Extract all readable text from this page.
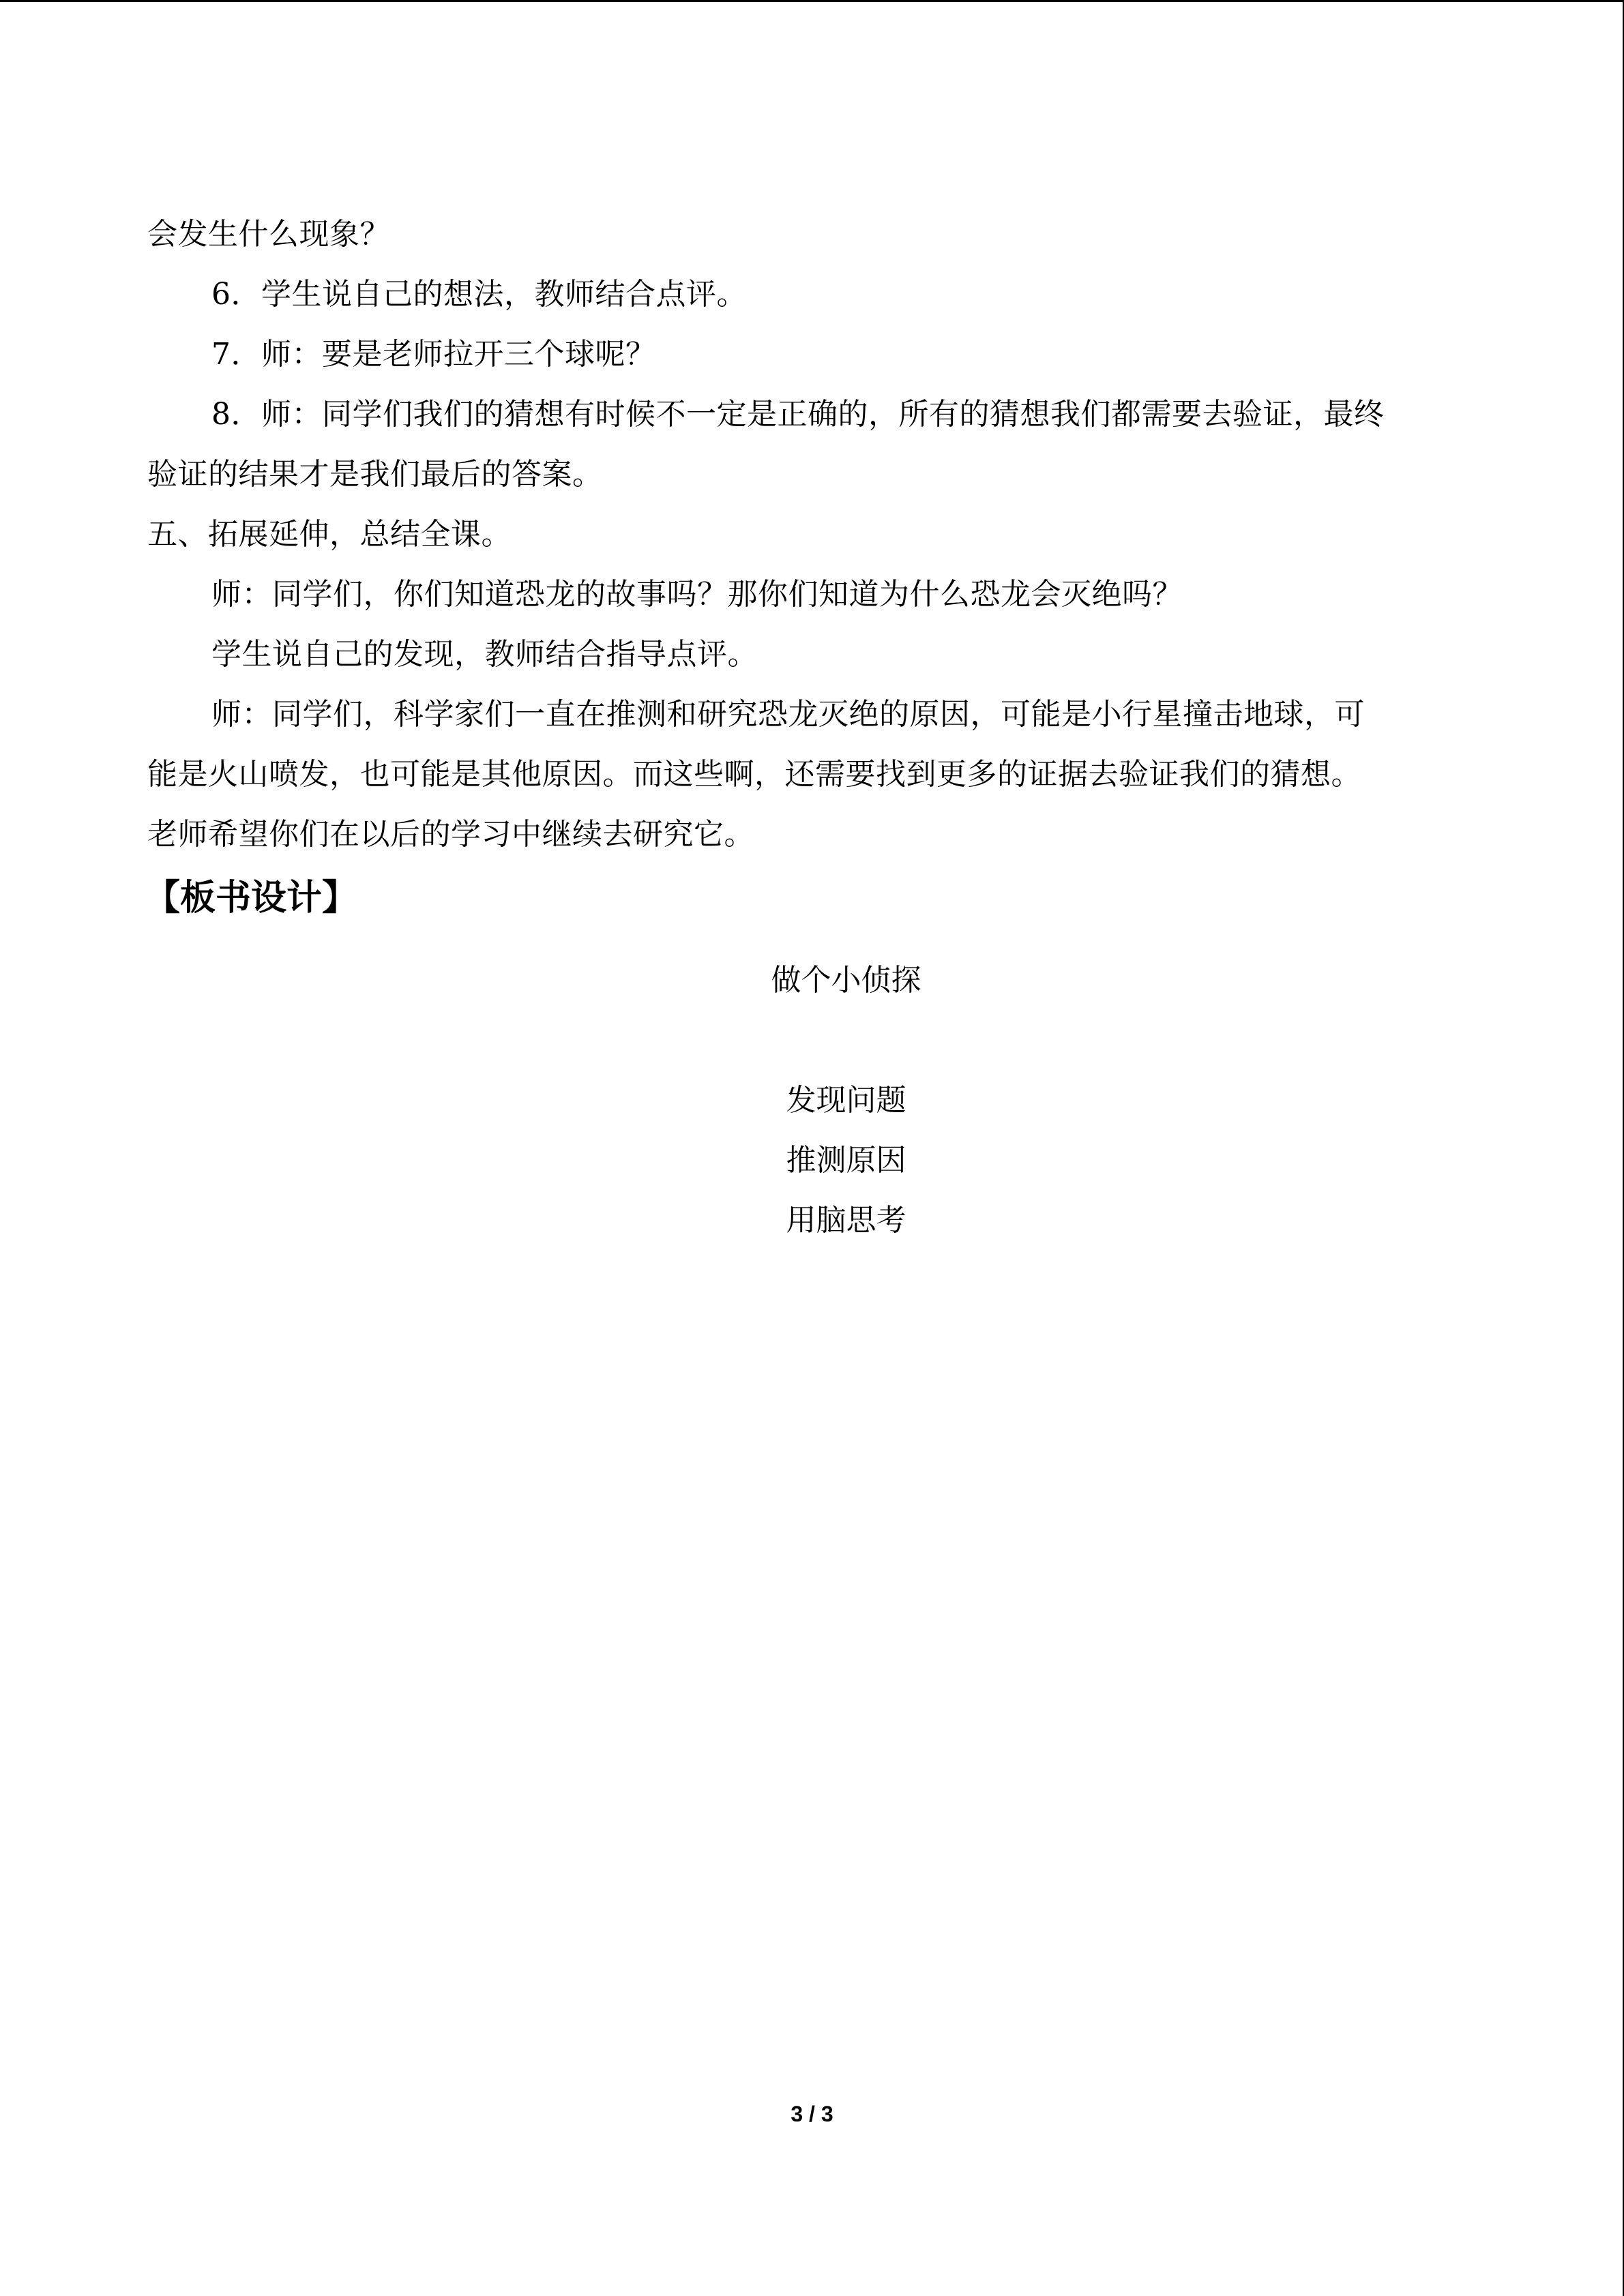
会发生什么现象？
6．学生说自己的想法，教师结合点评。
7．师：要是老师拉开三个球呢？
8．师：同学们我们的猜想有时候不一定是正确的，所有的猜想我们都需要去验证，最终
验证的结果才是我们最后的答案。
五、拓展延伸，总结全课。
师：同学们，你们知道恐龙的故事吗？那你们知道为什么恐龙会灭绝吗？
学生说自己的发现，教师结合指导点评。
师：同学们，科学家们一直在推测和研究恐龙灭绝的原因，可能是小行星撞击地球，可
能是火山喷发，也可能是其他原因。而这些啊，还需要找到更多的证据去验证我们的猜想。
老师希望你们在以后的学习中继续去研究它。
【板书设计】
做个小侦探
发现问题
推测原因
用脑思考
3 / 3
